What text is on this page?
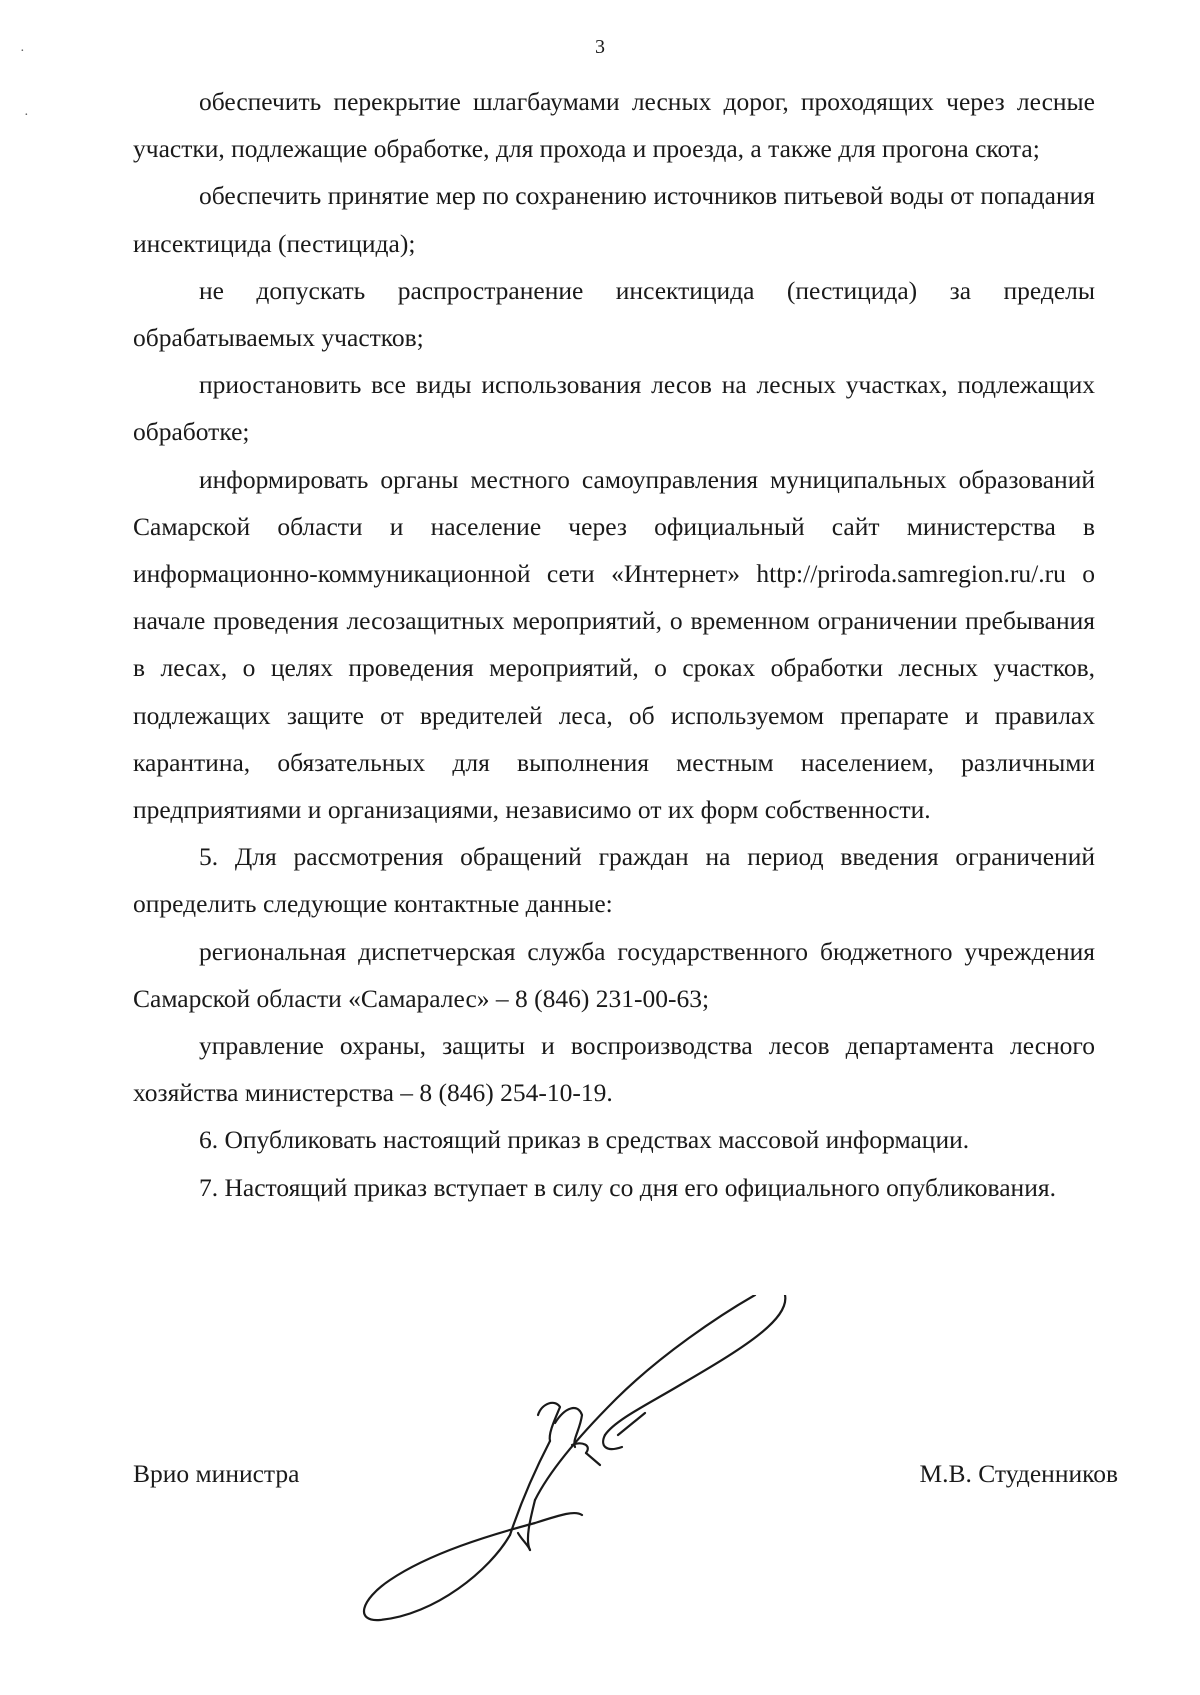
3

обеспечить перекрытие шлагбаумами лесных дорог, проходящих через лесные участки, подлежащие обработке, для прохода и проезда, а также для прогона скота;

обеспечить принятие мер по сохранению источников питьевой воды от попадания инсектицида (пестицида);

не допускать распространение инсектицида (пестицида) за пределы обрабатываемых участков;

приостановить все виды использования лесов на лесных участках, подлежащих обработке;

информировать органы местного самоуправления муниципальных образований Самарской области и население через официальный сайт министерства в информационно-коммуникационной сети «Интернет» http://priroda.samregion.ru/.ru о начале проведения лесозащитных мероприятий, о временном ограничении пребывания в лесах, о целях проведения мероприятий, о сроках обработки лесных участков, подлежащих защите от вредителей леса, об используемом препарате и правилах карантина, обязательных для выполнения местным населением, различными предприятиями и организациями, независимо от их форм собственности.

5. Для рассмотрения обращений граждан на период введения ограничений определить следующие контактные данные:

региональная диспетчерская служба государственного бюджетного учреждения Самарской области «Самаралес» – 8 (846) 231-00-63;

управление охраны, защиты и воспроизводства лесов департамента лесного хозяйства министерства – 8 (846) 254-10-19.

6. Опубликовать настоящий приказ в средствах массовой информации.

7. Настоящий приказ вступает в силу со дня его официального опубликования.

Врио министра	М.В. Студенников
·
·
